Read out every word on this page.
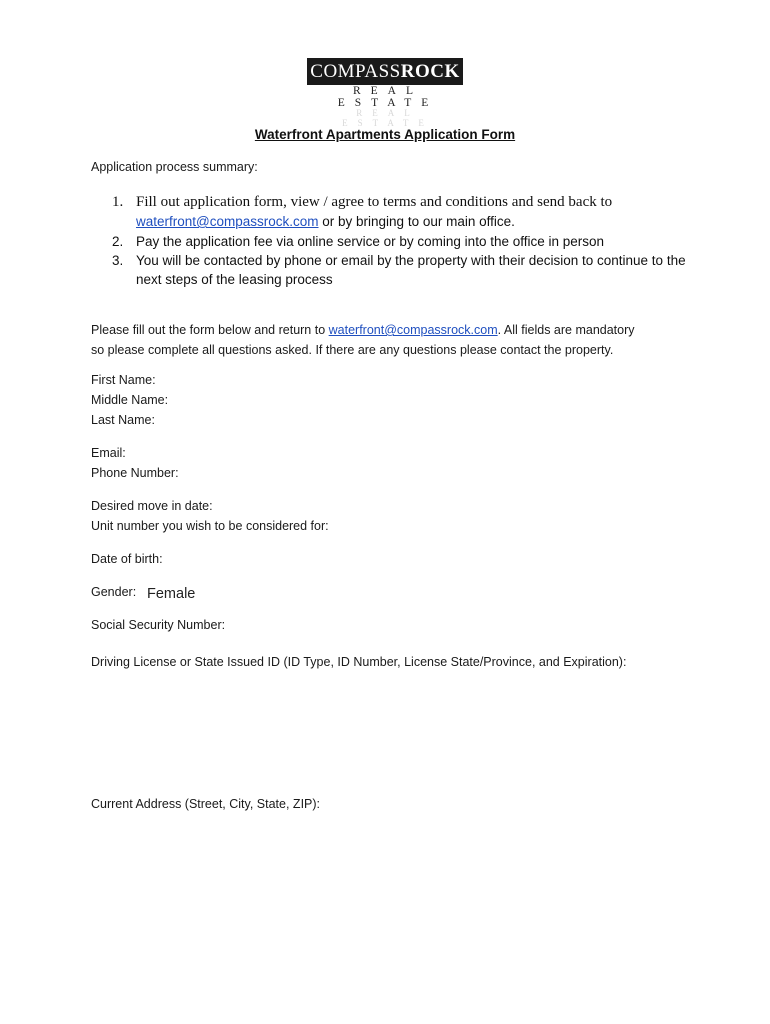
COMPASS ROCK
REAL ESTATE
REAL ESTATE
Waterfront Apartments Application Form
Application process summary:
1. Fill out application form, view / agree to terms and conditions and send back to
waterfront@compassrock.com or by bringing to our main office.
2. Pay the application fee via online service or by coming into the office in person
3. You will be contacted by phone or email by the property with their decision to continue to the next steps of the leasing process
Please fill out the form below and return to waterfront@compassrock.com. All fields are mandatory so please complete all questions asked. If there are any questions please contact the property.
First Name:
Middle Name:
Last Name:
Email:
Phone Number:
Desired move in date:
Unit number you wish to be considered for:
Date of birth:
Gender: Female
Social Security Number:
Driving License or State Issued ID (ID Type, ID Number, License State/Province, and Expiration):
Current Address (Street, City, State, ZIP):
